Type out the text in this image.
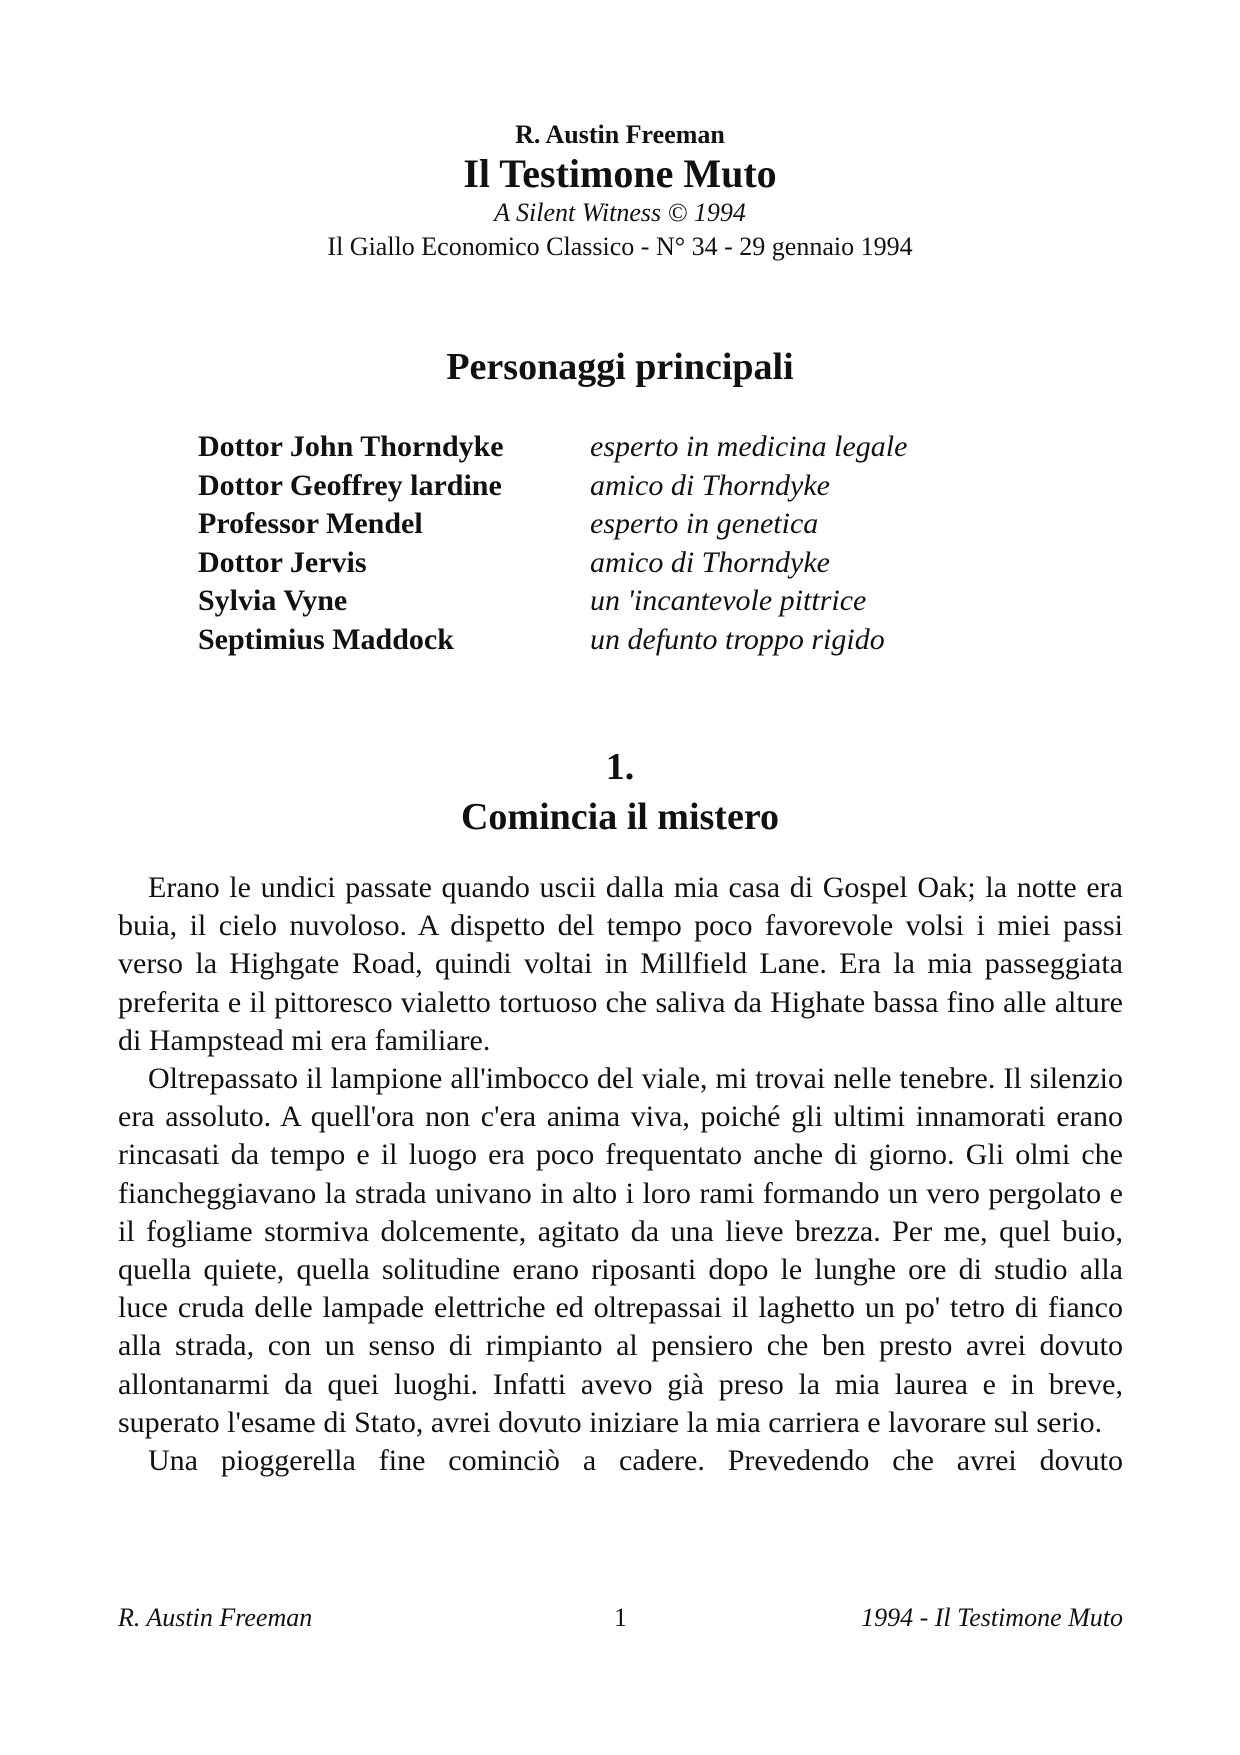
R. Austin Freeman
Il Testimone Muto
A Silent Witness © 1994
Il Giallo Economico Classico - N° 34 - 29 gennaio 1994
Personaggi principali
Dottor John Thorndyke	esperto in medicina legale
Dottor Geoffrey lardine	amico di Thorndyke
Professor Mendel	esperto in genetica
Dottor Jervis	amico di Thorndyke
Sylvia Vyne	un 'incantevole pittrice
Septimius Maddock	un defunto troppo rigido
1.
Comincia il mistero

Erano le undici passate quando uscii dalla mia casa di Gospel Oak; la notte era buia, il cielo nuvoloso. A dispetto del tempo poco favorevole volsi i miei passi verso la Highgate Road, quindi voltai in Millfield Lane. Era la mia passeggiata preferita e il pittoresco vialetto tortuoso che saliva da Highate bassa fino alle alture di Hampstead mi era familiare.

Oltrepassato il lampione all'imbocco del viale, mi trovai nelle tenebre. Il silenzio era assoluto. A quell'ora non c'era anima viva, poiché gli ultimi innamorati erano rincasati da tempo e il luogo era poco frequentato anche di giorno. Gli olmi che fiancheggiavano la strada univano in alto i loro rami formando un vero pergolato e il fogliame stormiva dolcemente, agitato da una lieve brezza. Per me, quel buio, quella quiete, quella solitudine erano riposanti dopo le lunghe ore di studio alla luce cruda delle lampade elettriche ed oltrepassai il laghetto un po' tetro di fianco alla strada, con un senso di rimpianto al pensiero che ben presto avrei dovuto allontanarmi da quei luoghi. Infatti avevo già preso la mia laurea e in breve, superato l'esame di Stato, avrei dovuto iniziare la mia carriera e lavorare sul serio.

Una pioggerella fine cominciò a cadere. Prevedendo che avrei dovuto

1
R. Austin Freeman	1994 - Il Testimone Muto
